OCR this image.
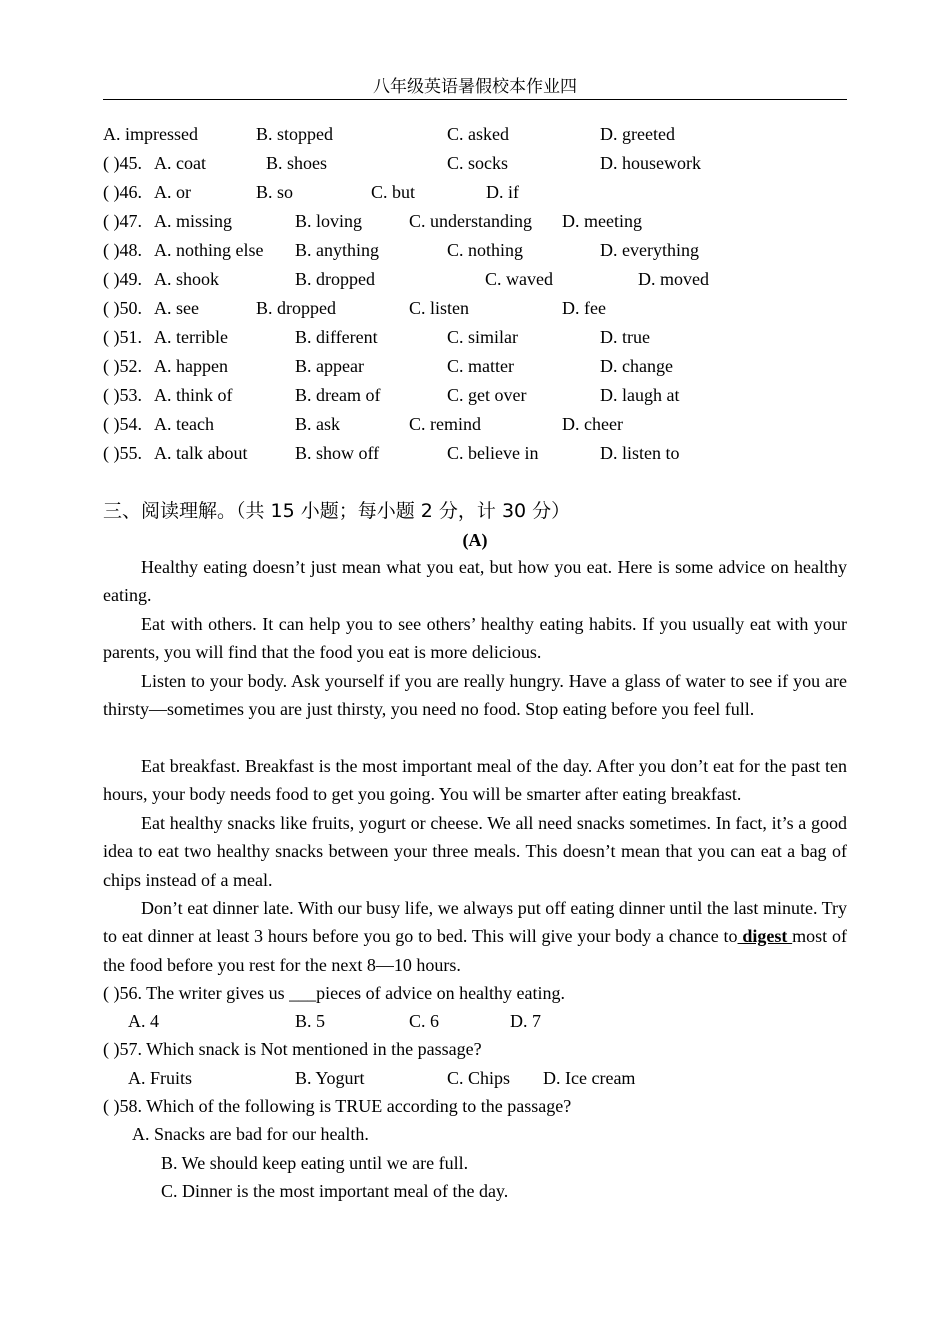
八年级英语暑假校本作业四
A. impressed	B. stopped	C. asked	D. greeted
( )45. A. coat	B. shoes	C. socks	D. housework
( )46. A. or	B. so	C. but	D. if
( )47. A. missing	B. loving	C. understanding D. meeting
( )48. A. nothing else B. anything	C. nothing	D. everything
( )49. A. shook	B. dropped	C. waved	D. moved
( )50. A. see	B. dropped	C. listen	D. fee
( )51. A. terrible	B. different	C. similar	D. true
( )52. A. happen	B. appear	C. matter	D. change
( )53. A. think of	B. dream of	C. get over	D. laugh at
( )54. A. teach	B. ask	C. remind	D. cheer
( )55. A. talk about	B. show off	C. believe in	D. listen to
三、阅读理解。（共 15 小题；每小题 2 分，计 30 分）
(A)

Healthy eating doesn’t just mean what you eat, but how you eat. Here is some advice on healthy eating.

Eat with others. It can help you to see others’ healthy eating habits. If you usually eat with your parents, you will find that the food you eat is more delicious.

Listen to your body. Ask yourself if you are really hungry. Have a glass of water to see if you are thirsty—sometimes you are just thirsty, you need no food. Stop eating before you feel full.

Eat breakfast. Breakfast is the most important meal of the day. After you don’t eat for the past ten hours, your body needs food to get you going. You will be smarter after eating breakfast.

Eat healthy snacks like fruits, yogurt or cheese. We all need snacks sometimes. In fact, it’s a good idea to eat two healthy snacks between your three meals. This doesn’t mean that you can eat a bag of chips instead of a meal.

Don’t eat dinner late. With our busy life, we always put off eating dinner until the last minute. Try to eat dinner at least 3 hours before you go to bed. This will give your body a chance to digest most of the food before you rest for the next 8—10 hours.

( )56. The writer gives us ___pieces of advice on healthy eating.
A. 4	B. 5	C. 6	D. 7
( )57. Which snack is Not mentioned in the passage?
A. Fruits	B. Yogurt	C. Chips D. Ice cream
( )58. Which of the following is TRUE according to the passage?
A. Snacks are bad for our health.
B. We should keep eating until we are full.
C. Dinner is the most important meal of the day.
